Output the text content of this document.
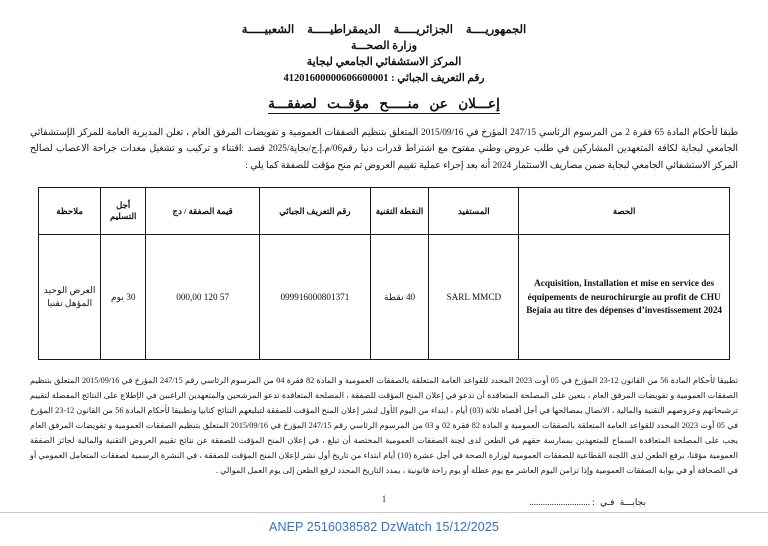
الجمهوريــــة الجزائريـــــة الديمقراطيـــــة الشعبيـــــة
وزارة الصحـــة
المركز الاستشفائي الجامعي لبجاية
رقم التعريف الجبائي : 41201600000606600001
إعـــلان عن منـــــح مؤقــت لصفقـــة
طبقا لأحكام المادة 65 فقرة 2 من المرسوم الرئاسي 247/15 المؤرخ في 2015/09/16 المتعلق بتنظيم الصفقات العمومية و تفويضات المرفق العام ، تعلن المديرية العامة للمركز الإستشفائي الجامعي لبجاية لكافة المتعهدين المشاركين في طلب عروض وطني مفتوح مع اشتراط قدرات دنيا رقم06/م.إ.ج/بجاية/2025 قصد :اقتناء و تركيب و تشغيل معدات جراحة الاعصاب لصالح المركز الاستشفائي الجامعي لبجاية ضمن مصاريف الاستثمار 2024 أنه بعد إجراء عملية تقييم العروض تم منح مؤقت للصفقة كما يلي :
الحصة	المستفيد	النقطة التقنية	رقم التعريف الجبائي	قيمة الصفقة / دج	أجل التسليم	ملاحظة
Acquisition, Installation et mise en service des équipements de neurochirurgie au profit de CHU Bejaia au titre des dépenses d’investissement 2024	SARL MMCD	40 نقطة	099916000801371	57 120 000,00	30 يوم	العرض الوحيد المؤهل تقنيا
تطبيقا لأحكام المادة 56 من القانون 12-23 المؤرخ في 05 أوت 2023 المحدد للقواعد العامة المتعلقة بالصفقات العمومية و المادة 82 فقرة 04 من المرسوم الرئاسي رقم 247/15 المؤرخ في 2015/09/16 المتعلق بتنظيم الصفقات العمومية و تفويضات المرفق العام ، يتعين على المصلحة المتعاقدة أن تدعو في إعلان المنح المؤقت للصفقة ، المصلحة المتعاقدة تدعو المرشحين والمتعهدين الراغبين في الإطلاع على النتائج المفصلة لتقييم ترشيحاتهم وعروضهم التقنية والمالية ، الاتصال بمصالحها في أجل أقصاه ثلاثة (03) أيام ، ابتداء من اليوم الأول لنشر إعلان المنح المؤقت للصفقة لتبليغهم النتائج كتابيا وتطبيقا لأحكام المادة 56 من القانون 12-23 المؤرخ في 05 أوت 2023 المحدد للقواعد العامة المتعلقة بالصفقات العمومية و المادة 82 فقرة 02 و 03 من المرسوم الرئاسي رقم 247/15 المؤرخ في 2015/09/16 المتعلق بتنظيم الصفقات العمومية و تفويضات المرفق العام يجب على المصلحة المتعاقدة السماح للمتعهدين بممارسة حقهم في الطعن لدى لجنة الصفقات العمومية المختصة أن تبلغ ، في إعلان المنح المؤقت للصفقة عن نتائج تقييم العروض التقنية والمالية لحائز الصفقة العمومية مؤقتا، يرفع الطعن لدى اللجنة القطاعية للصفقات العمومية لوزارة الصحة في أجل عشرة (10) أيام ابتداء من تاريخ أول نشر لإعلان المنح المؤقت للصفقة ، في النشرة الرسمية لصفقات المتعامل العمومي أو في الصحافة أو في بوابة الصفقات العمومية وإذا تزامن اليوم العاشر مع يوم عطلة أو يوم راحة قانونية ، يمدد التاريخ المحدد لرفع الطعن إلى يوم العمل الموالي .
بجايـــة فـي : ...........................
1
ANEP 2516038582 DzWatch 15/12/2025
